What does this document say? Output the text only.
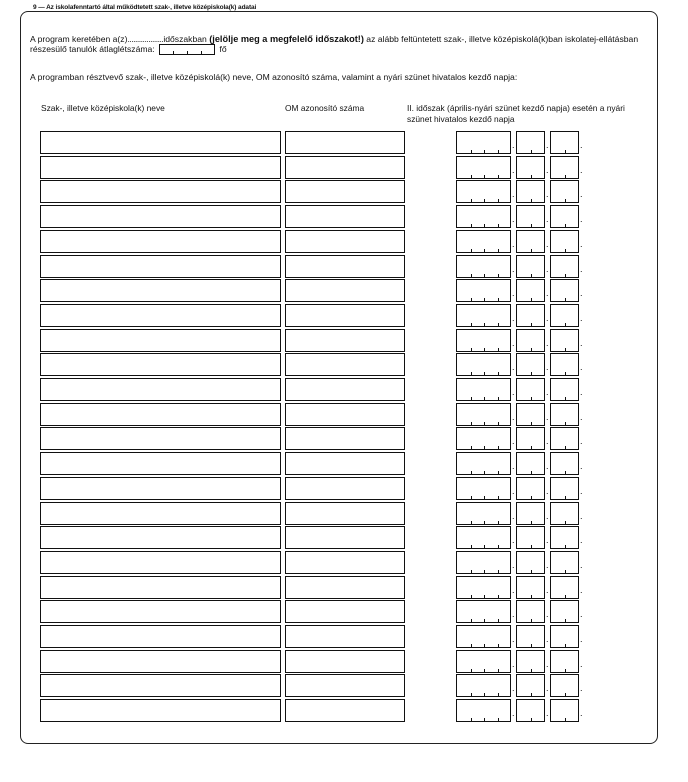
9 — Az iskolafenntartó által működtetett szak-, illetve középiskola(k) adatai
A program keretében a(z)...................időszakban (jelölje meg a megfelelő időszakot!) az alább feltüntetett szak-, illetve középiskolá(k)ban iskolatej-ellátásban részesülő tanulók átlaglétszáma:	fő
A programban résztvevő szak-, illetve középiskolá(k) neve, OM azonosító száma, valamint a nyári szünet hivatalos kezdő napja:
Szak-, illetve középiskola(k) neve	OM azonosító száma	II. időszak (április-nyári szünet kezdő napja) esetén a nyári szünet hivatalos kezdő napja
.	.	.
.	.	.
.	.	.
.	.	.
.	.	.
.	.	.
.	.	.
.	.	.
.	.	.
.	.	.
.	.	.
.	.	.
.	.	.
.	.	.
.	.	.
.	.	.
.	.	.
.	.	.
.	.	.
.	.	.
.	.	.
.	.	.
.	.	.
.	.	.
